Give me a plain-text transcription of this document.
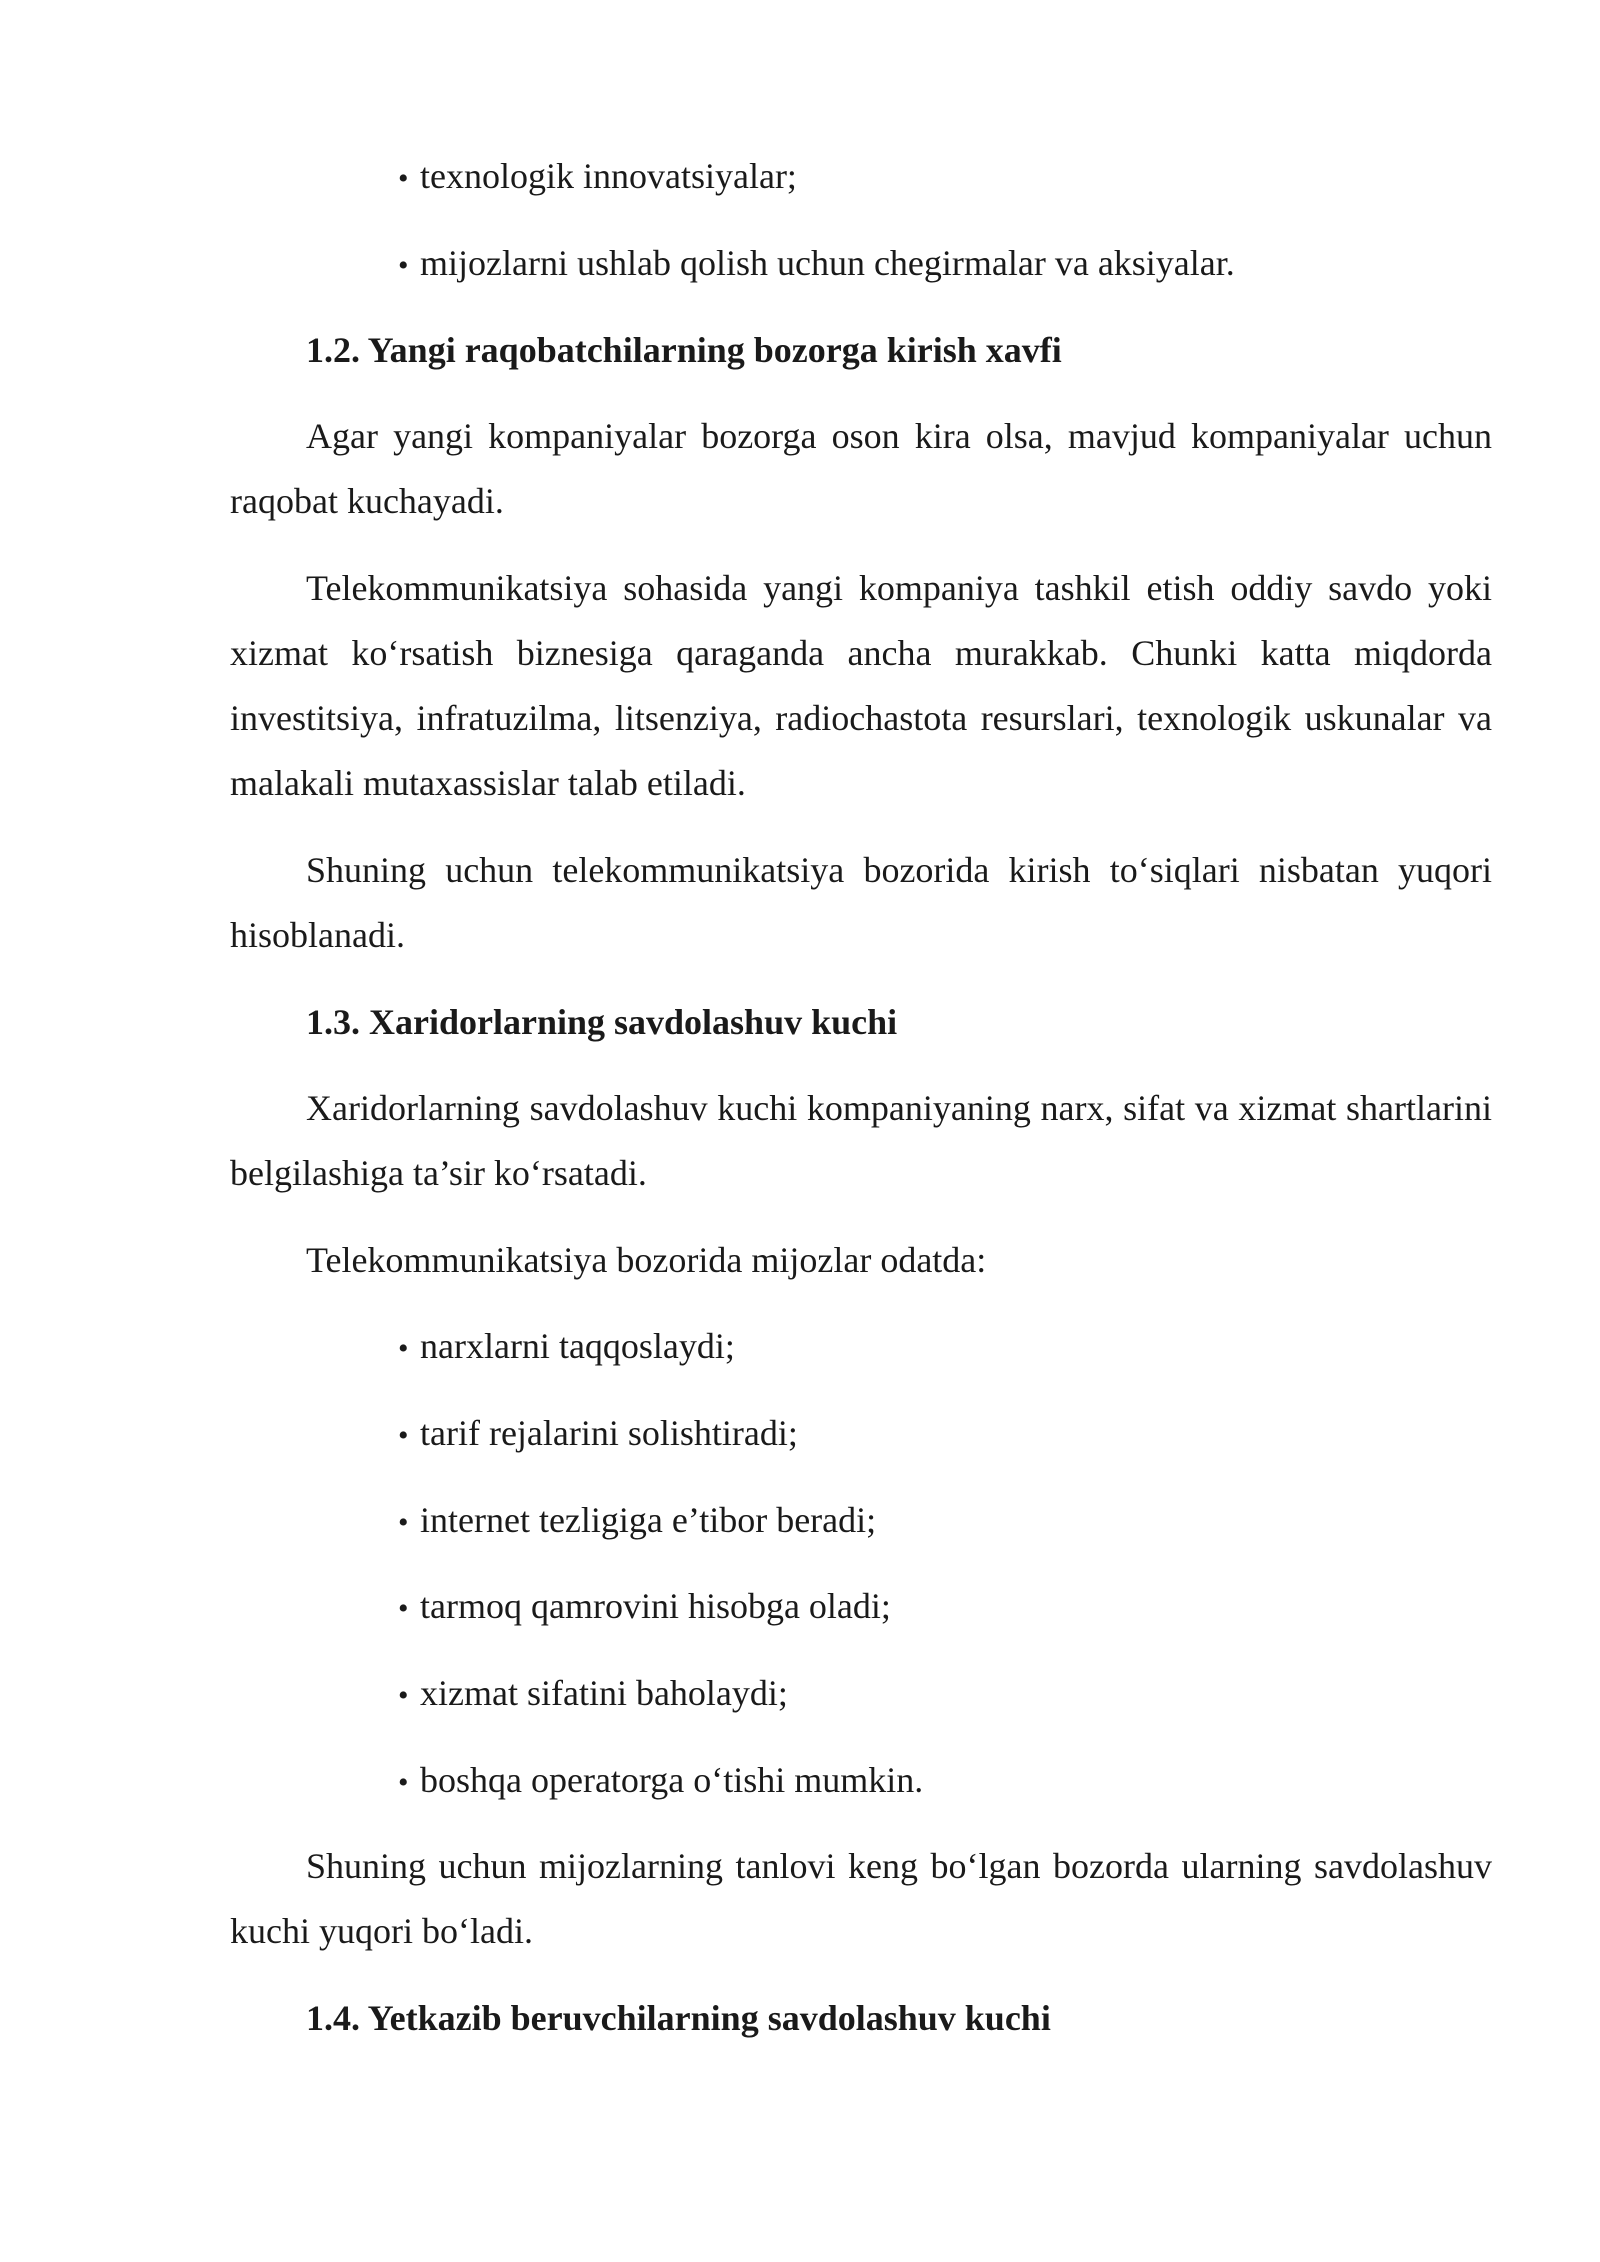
• texnologik innovatsiyalar;

• mijozlarni ushlab qolish uchun chegirmalar va aksiyalar.

1.2. Yangi raqobatchilarning bozorga kirish xavfi

Agar yangi kompaniyalar bozorga oson kira olsa, mavjud kompaniyalar uchun raqobat kuchayadi.

Telekommunikatsiya sohasida yangi kompaniya tashkil etish oddiy savdo yoki xizmat ko‘rsatish biznesiga qaraganda ancha murakkab. Chunki katta miqdorda investitsiya, infratuzilma, litsenziya, radiochastota resurslari, texnologik uskunalar va malakali mutaxassislar talab etiladi.

Shuning uchun telekommunikatsiya bozorida kirish to‘siqlari nisbatan yuqori hisoblanadi.

1.3. Xaridorlarning savdolashuv kuchi

Xaridorlarning savdolashuv kuchi kompaniyaning narx, sifat va xizmat shartlarini belgilashiga ta’sir ko‘rsatadi.

Telekommunikatsiya bozorida mijozlar odatda:

• narxlarni taqqoslaydi;

• tarif rejalarini solishtiradi;

• internet tezligiga e’tibor beradi;

• tarmoq qamrovini hisobga oladi;

• xizmat sifatini baholaydi;

• boshqa operatorga o‘tishi mumkin.

Shuning uchun mijozlarning tanlovi keng bo‘lgan bozorda ularning savdolashuv kuchi yuqori bo‘ladi.

1.4. Yetkazib beruvchilarning savdolashuv kuchi
